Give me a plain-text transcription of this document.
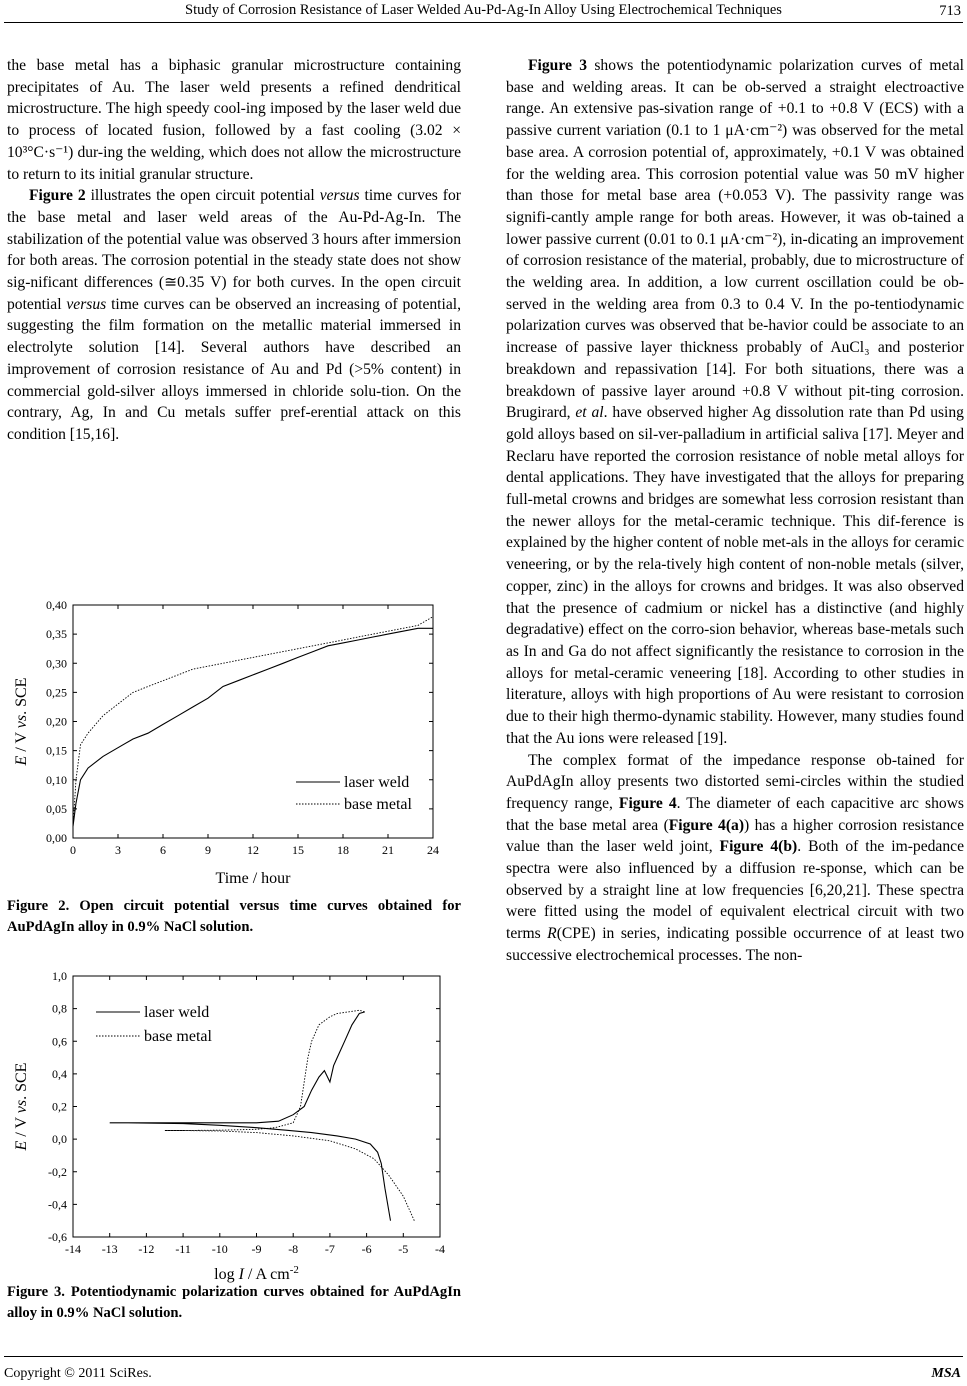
Study of Corrosion Resistance of Laser Welded Au-Pd-Ag-In Alloy Using Electrochemical Techniques	713

the base metal has a biphasic granular microstructure containing precipitates of Au. The laser weld presents a refined dendritical microstructure. The high speedy cool-ing imposed by the laser weld due to process of located fusion, followed by a fast cooling (3.02 × 10³°C·s⁻¹) dur-ing the welding, which does not allow the microstructure to return to its initial granular structure.

Figure 2 illustrates the open circuit potential versus time curves for the base metal and laser weld areas of the Au-Pd-Ag-In. The stabilization of the potential value was observed 3 hours after immersion for both areas. The corrosion potential in the steady state does not show sig-nificant differences (≅0.35 V) for both curves. In the open circuit potential versus time curves can be observed an increasing of potential, suggesting the film formation on the metallic material immersed in electrolyte solution [14]. Several authors have described an improvement of corrosion resistance of Au and Pd (>5% content) in commercial gold-silver alloys immersed in chloride solu-tion. On the contrary, Ag, In and Cu metals suffer pref-erential attack on this condition [15,16].

Figure 3 shows the potentiodynamic polarization curves of metal base and welding areas. It can be ob-served a straight electroactive range. An extensive pas-sivation range of +0.1 to +0.8 V (ECS) with a passive current variation (0.1 to 1 μA·cm⁻²) was observed for the metal base area. A corrosion potential of, approximately, +0.1 V was obtained for the welding area. This corrosion potential value was 50 mV higher than those for metal base area (+0.053 V). The passivity range was signifi-cantly ample range for both areas. However, it was ob-tained a lower passive current (0.01 to 0.1 μA·cm⁻²), in-dicating an improvement of corrosion resistance of the material, probably, due to microstructure of the welding area. In addition, a low current oscillation could be ob-served in the welding area from 0.3 to 0.4 V. In the po-tentiodynamic polarization curves was observed that be-havior could be associate to an increase of passive layer thickness probably of AuCl₃ and posterior breakdown and repassivation [14]. For both situations, there was a breakdown of passive layer around +0.8 V without pit-ting corrosion. Brugirard, et al. have observed higher Ag dissolution rate than Pd using gold alloys based on sil-ver-palladium in artificial saliva [17]. Meyer and Reclaru have reported the corrosion resistance of noble metal alloys for dental applications. They have investigated that the alloys for preparing full-metal crowns and bridges are somewhat less corrosion resistant than the newer alloys for the metal-ceramic technique. This dif-ference is explained by the higher content of noble met-als in the alloys for ceramic veneering, or by the rela-tively high content of non-noble metals (silver, copper, zinc) in the alloys for crowns and bridges. It was also observed that the presence of cadmium or nickel has a distinctive (and highly degradative) effect on the corro-sion behavior, whereas base-metals such as In and Ga do not affect significantly the resistance to corrosion in the alloys for metal-ceramic veneering [18]. According to other studies in literature, alloys with high proportions of Au were resistant to corrosion due to their high thermo-dynamic stability. However, many studies found that the Au ions were released [19].

The complex format of the impedance response ob-tained for AuPdAgIn alloy presents two distorted semi-circles within the studied frequency range, Figure 4. The diameter of each capacitive arc shows that the base metal area (Figure 4(a)) has a higher corrosion resistance value than the laser weld joint, Figure 4(b). Both of the im-pedance spectra were also influenced by a diffusion re-sponse, which can be observed by a straight line at low frequencies [6,20,21]. These spectra were fitted using the model of equivalent electrical circuit with two terms R(CPE) in series, indicating possible occurrence of at least two successive electrochemical processes. The non-

0	3	6	9	12	15	18	21	24
0,00
0,05
0,10
0,15
0,20
0,25
0,30
0,35
0,40
Time / hour
E / V vs. SCE
laser weld
base metal
Figure 2. Open circuit potential versus time curves obtained for AuPdAgIn alloy in 0.9% NaCl solution.
-14 -13 -12 -11 -10 -9 -8 -7 -6 -5 -4
-0,6
-0,4
-0,2
0,0
0,2
0,4
0,6
0,8
1,0
log I / A $cm^{-2}$
E / V vs. SCE
laser weld
base metal
Figure 3. Potentiodynamic polarization curves obtained for AuPdAgIn alloy in 0.9% NaCl solution.
Copyright © 2011 SciRes.	MSA
